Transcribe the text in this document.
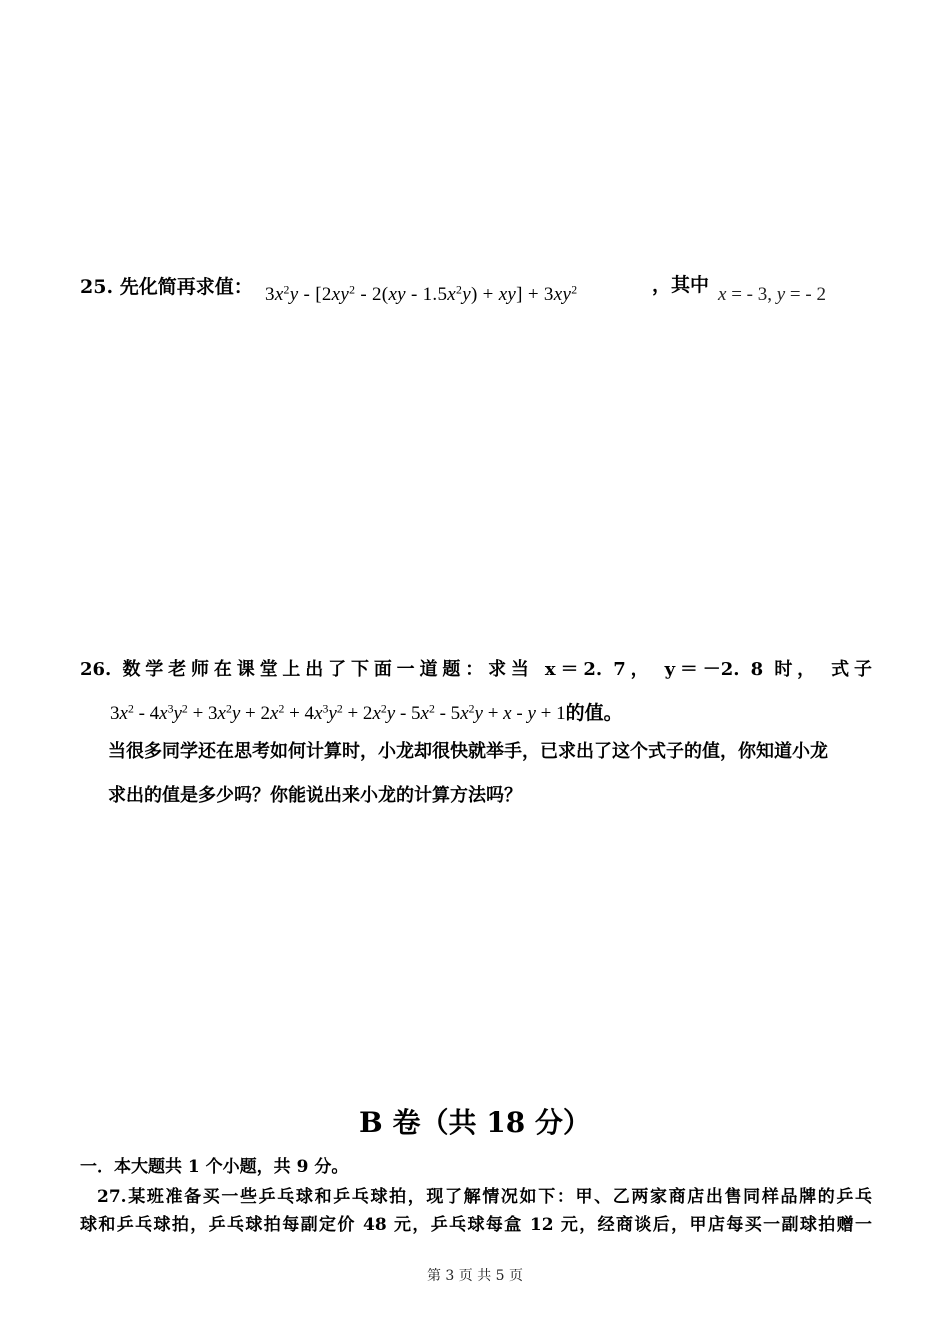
25. 先化简再求值： $3x^2y - [2xy^2 - 2(xy - 1.5x^2y) + xy] + 3xy^2$	，其中 x = - 3, y = - 2
26. 数学老师在课堂上出了下面一道题：求当 x＝2. 7， y＝－2. 8 时， 式子
$3x^2 - 4x^3y^2 + 3x^2y + 2x^2 + 4x^3y^2 + 2x^2y - 5x^2 - 5x^2y + x - y + 1$的值。
当很多同学还在思考如何计算时，小龙却很快就举手，已求出了这个式子的值，你知道小龙
求出的值是多少吗？你能说出来小龙的计算方法吗？
B 卷（共 18 分）
一．本大题共 1 个小题，共 9 分。
27.某班准备买一些乒乓球和乒乓球拍，现了解情况如下：甲、乙两家商店出售同样品牌的乒乓
球和乒乓球拍，乒乓球拍每副定价 48 元，乒乓球每盒 12 元，经商谈后，甲店每买一副球拍赠一
第 3 页 共 5 页
